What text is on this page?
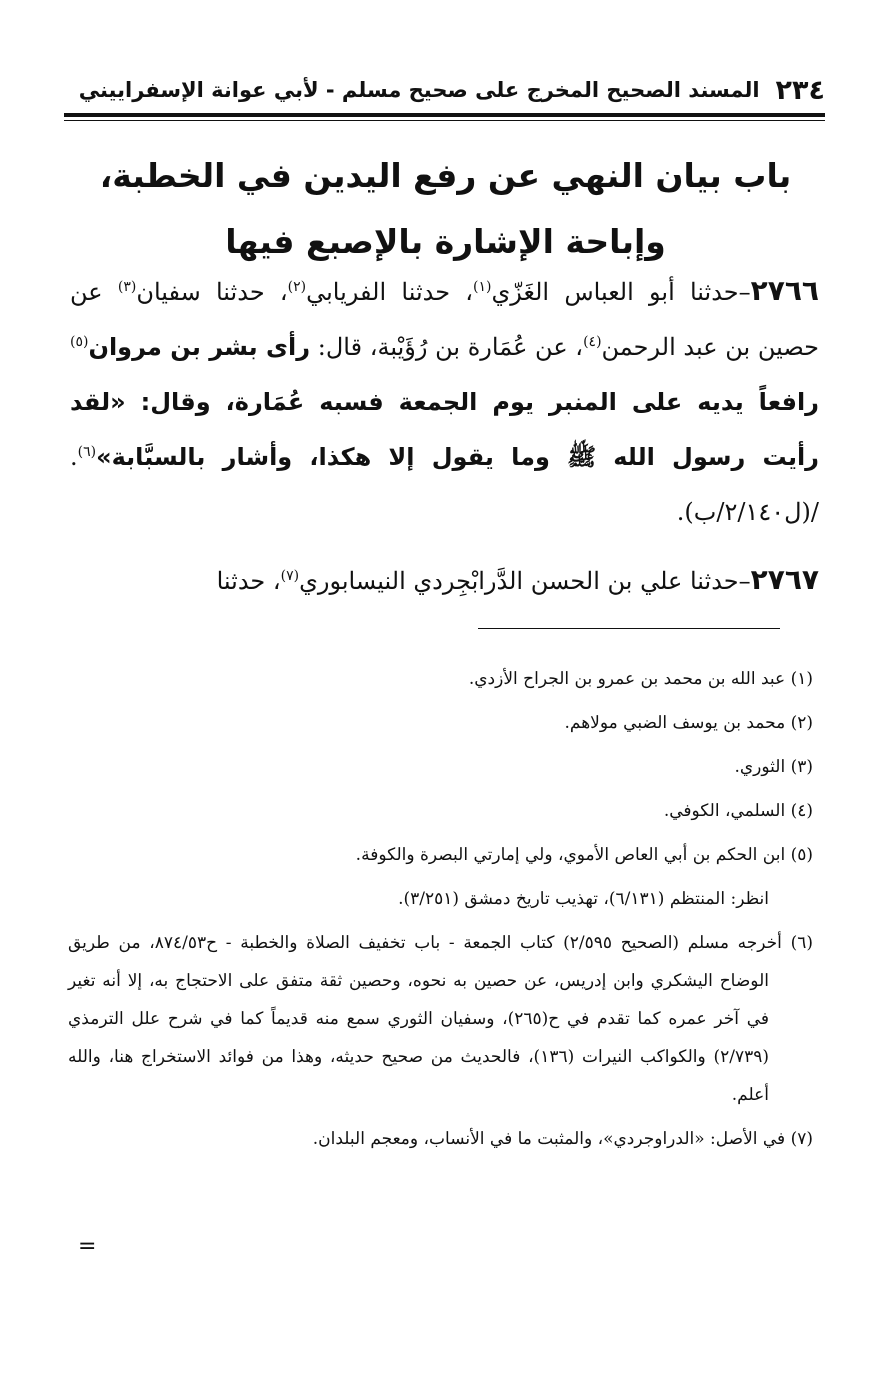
٢٣٤
المسند الصحيح المخرج على صحيح مسلم - لأبي عوانة الإسفراييني
باب بيان النهي عن رفع اليدين في الخطبة، وإباحة الإشارة بالإصبع فيها

٢٧٦٦–حدثنا أبو العباس الغَزّي$^{(١)}$، حدثنا الفريابي$^{(٢)}$، حدثنا سفيان$^{(٣)}$ عن حصين بن عبد الرحمن$^{(٤)}$، عن عُمَارة بن رُؤَيْبة، قال: رأى بشر بن مروان$^{(٥)}$ رافعاً يديه على المنبر يوم الجمعة فسبه عُمَارة، وقال: «لقد رأيت رسول الله ﷺ وما يقول إلا هكذا، وأشار بالسبَّابة»$^{(٦)}$. /(ل٢/١٤٠/ب).

٢٧٦٧–حدثنا علي بن الحسن الدَّرابْجِردي النيسابوري$^{(٧)}$، حدثنا

(١) عبد الله بن محمد بن عمرو بن الجراح الأزدي.
(٢) محمد بن يوسف الضبي مولاهم.
(٣) الثوري.
(٤) السلمي، الكوفي.
(٥) ابن الحكم بن أبي العاص الأموي، ولي إمارتي البصرة والكوفة.
انظر: المنتظم (٦/١٣١)، تهذيب تاريخ دمشق (٣/٢٥١).
(٦) أخرجه مسلم (الصحيح ٢/٥٩٥) كتاب الجمعة - باب تخفيف الصلاة والخطبة - ح٨٧٤/٥٣، من طريق الوضاح اليشكري وابن إدريس، عن حصين به نحوه، وحصين ثقة متفق على الاحتجاج به، إلا أنه تغير في آخر عمره كما تقدم في ح(٢٦٥)، وسفيان الثوري سمع منه قديماً كما في شرح علل الترمذي (٢/٧٣٩) والكواكب النيرات (١٣٦)، فالحديث من صحيح حديثه، وهذا من فوائد الاستخراج هنا، والله أعلم.
(٧) في الأصل: «الدراوجردي»، والمثبت ما في الأنساب، ومعجم البلدان.
=
